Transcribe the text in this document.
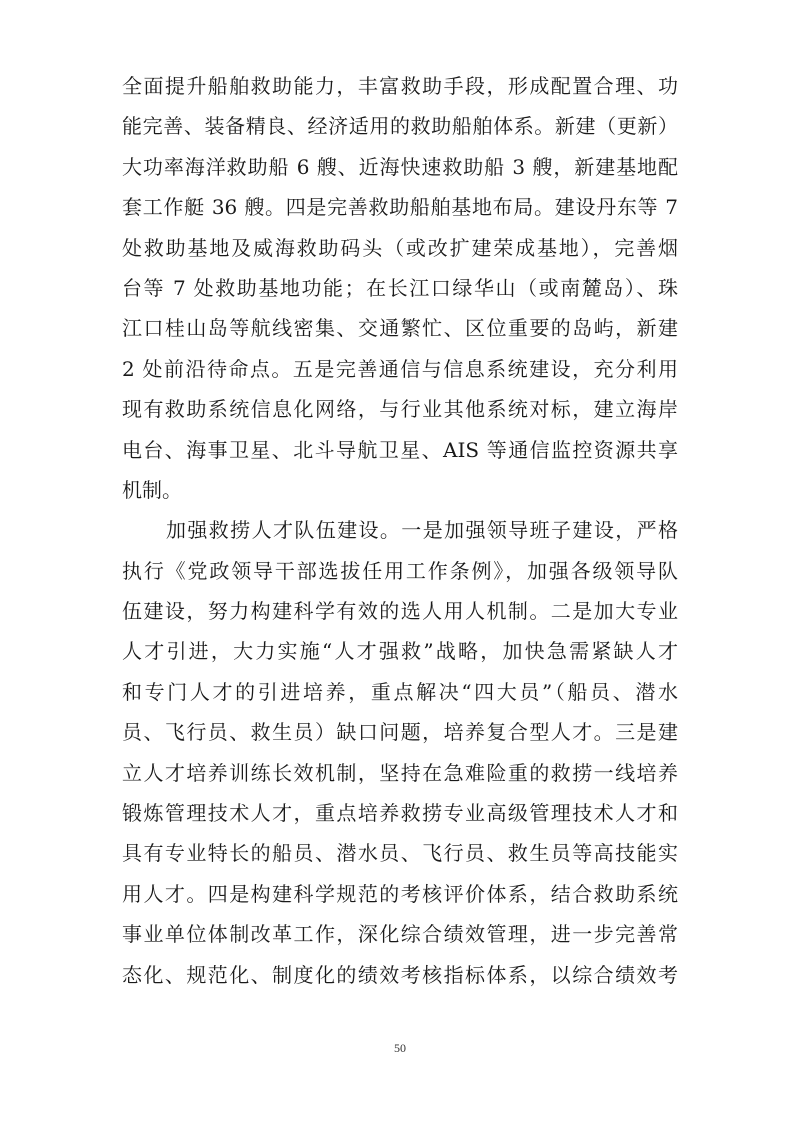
全面提升船舶救助能力，丰富救助手段，形成配置合理、功
能完善、装备精良、经济适用的救助船舶体系。新建（更新）
大功率海洋救助船 6 艘、近海快速救助船 3 艘，新建基地配
套工作艇 36 艘。四是完善救助船舶基地布局。建设丹东等 7
处救助基地及威海救助码头（或改扩建荣成基地），完善烟
台等 7 处救助基地功能；在长江口绿华山（或南麓岛）、珠
江口桂山岛等航线密集、交通繁忙、区位重要的岛屿，新建
2 处前沿待命点。五是完善通信与信息系统建设，充分利用
现有救助系统信息化网络，与行业其他系统对标，建立海岸
电台、海事卫星、北斗导航卫星、AIS 等通信监控资源共享
机制。
加强救捞人才队伍建设。一是加强领导班子建设，严格
执行《党政领导干部选拔任用工作条例》，加强各级领导队
伍建设，努力构建科学有效的选人用人机制。二是加大专业
人才引进，大力实施“人才强救”战略，加快急需紧缺人才
和专门人才的引进培养，重点解决“四大员”（船员、潜水
员、飞行员、救生员）缺口问题，培养复合型人才。三是建
立人才培养训练长效机制，坚持在急难险重的救捞一线培养
锻炼管理技术人才，重点培养救捞专业高级管理技术人才和
具有专业特长的船员、潜水员、飞行员、救生员等高技能实
用人才。四是构建科学规范的考核评价体系，结合救助系统
事业单位体制改革工作，深化综合绩效管理，进一步完善常
态化、规范化、制度化的绩效考核指标体系，以综合绩效考
50
